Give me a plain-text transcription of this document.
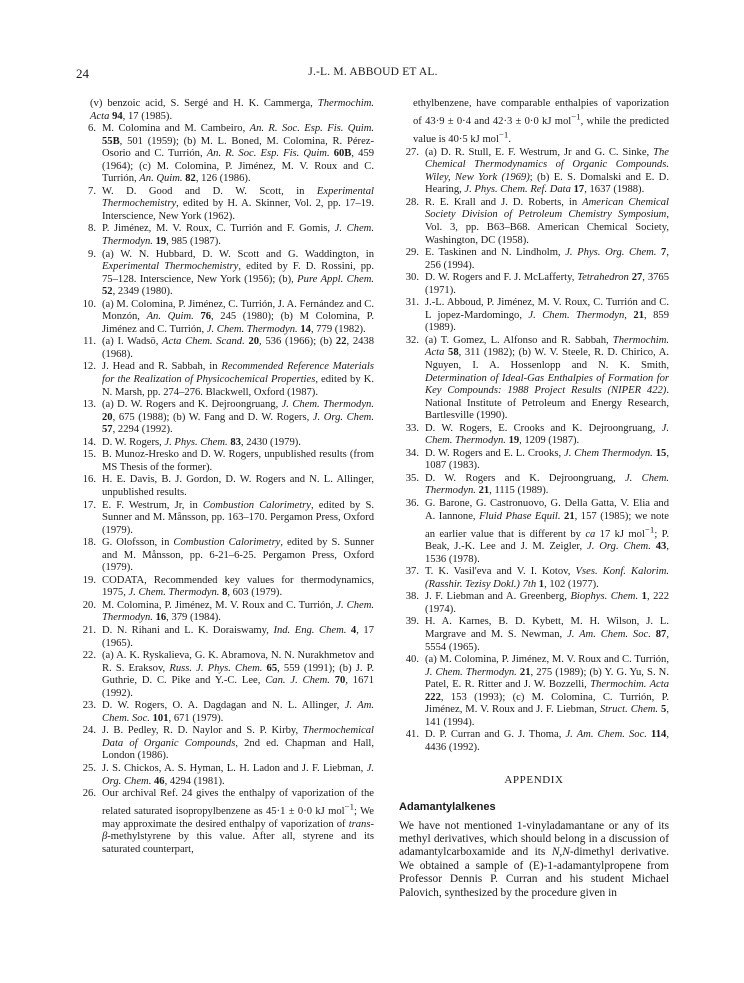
24	J.-L. M. ABBOUD ET AL.

(v) benzoic acid, S. Sergé and H. K. Cammerga, Thermochim. Acta 94, 17 (1985).

6. M. Colomina and M. Cambeiro, An. R. Soc. Esp. Fis. Quim. 55B, 501 (1959); (b) M. L. Boned, M. Colomina, R. Pérez-Osorio and C. Turrión, An. R. Soc. Esp. Fis. Quim. 60B, 459 (1964); (c) M. Colomina, P. Jiménez, M. V. Roux and C. Turrión, An. Quim. 82, 126 (1986).

7. W. D. Good and D. W. Scott, in Experimental Thermochemistry, edited by H. A. Skinner, Vol. 2, pp. 17–19. Interscience, New York (1962).

8. P. Jiménez, M. V. Roux, C. Turrión and F. Gomis, J. Chem. Thermodyn. 19, 985 (1987).

9. (a) W. N. Hubbard, D. W. Scott and G. Waddington, in Experimental Thermochemistry, edited by F. D. Rossini, pp. 75–128. Interscience, New York (1956); (b), Pure Appl. Chem. 52, 2349 (1980).

10. (a) M. Colomina, P. Jiménez, C. Turrión, J. A. Fernández and C. Monzón, An. Quim. 76, 245 (1980); (b) M Colomina, P. Jiménez and C. Turrión, J. Chem. Thermodyn. 14, 779 (1982).

11. (a) I. Wadsö, Acta Chem. Scand. 20, 536 (1966); (b) 22, 2438 (1968).

12. J. Head and R. Sabbah, in Recommended Reference Materials for the Realization of Physicochemical Properties, edited by K. N. Marsh, pp. 274–276. Blackwell, Oxford (1987).

13. (a) D. W. Rogers and K. Dejroongruang, J. Chem. Thermodyn. 20, 675 (1988); (b) W. Fang and D. W. Rogers, J. Org. Chem. 57, 2294 (1992).

14. D. W. Rogers, J. Phys. Chem. 83, 2430 (1979).

15. B. Munoz-Hresko and D. W. Rogers, unpublished results (from MS Thesis of the former).

16. H. E. Davis, B. J. Gordon, D. W. Rogers and N. L. Allinger, unpublished results.

17. E. F. Westrum, Jr, in Combustion Calorimetry, edited by S. Sunner and M. Månsson, pp. 163–170. Pergamon Press, Oxford (1979).

18. G. Olofsson, in Combustion Calorimetry, edited by S. Sunner and M. Månsson, pp. 6-21–6-25. Pergamon Press, Oxford (1979).

19. CODATA, Recommended key values for thermodynamics, 1975, J. Chem. Thermodyn. 8, 603 (1979).

20. M. Colomina, P. Jiménez, M. V. Roux and C. Turrión, J. Chem. Thermodyn. 16, 379 (1984).

21. D. N. Rihani and L. K. Doraiswamy, Ind. Eng. Chem. 4, 17 (1965).

22. (a) A. K. Ryskalieva, G. K. Abramova, N. N. Nurakhmetov and R. S. Eraksov, Russ. J. Phys. Chem. 65, 559 (1991); (b) J. P. Guthrie, D. C. Pike and Y.-C. Lee, Can. J. Chem. 70, 1671 (1992).

23. D. W. Rogers, O. A. Dagdagan and N. L. Allinger, J. Am. Chem. Soc. 101, 671 (1979).

24. J. B. Pedley, R. D. Naylor and S. P. Kirby, Thermochemical Data of Organic Compounds, 2nd ed. Chapman and Hall, London (1986).

25. J. S. Chickos, A. S. Hyman, L. H. Ladon and J. F. Liebman, J. Org. Chem. 46, 4294 (1981).

26. Our archival Ref. 24 gives the enthalpy of vaporization of the related saturated isopropylbenzene as 45·1 ± 0·0 kJ mol$^{-1}$; We may approximate the desired enthalpy of vaporization of trans-β-methylstyrene by this value. After all, styrene and its saturated counterpart,

ethylbenzene, have comparable enthalpies of vaporization of 43·9 ± 0·4 and 42·3 ± 0·0 kJ mol$^{-1}$, while the predicted value is 40·5 kJ mol$^{-1}$.

27. (a) D. R. Stull, E. F. Westrum, Jr and G. C. Sinke, The Chemical Thermodynamics of Organic Compounds. Wiley, New York (1969); (b) E. S. Domalski and E. D. Hearing, J. Phys. Chem. Ref. Data 17, 1637 (1988).

28. R. E. Krall and J. D. Roberts, in American Chemical Society Division of Petroleum Chemistry Symposium, Vol. 3, pp. B63–B68. American Chemical Society, Washington, DC (1958).

29. E. Taskinen and N. Lindholm, J. Phys. Org. Chem. 7, 256 (1994).

30. D. W. Rogers and F. J. McLafferty, Tetrahedron 27, 3765 (1971).

31. J.-L. Abboud, P. Jiménez, M. V. Roux, C. Turrión and C. L jopez-Mardomingo, J. Chem. Thermodyn, 21, 859 (1989).

32. (a) T. Gomez, L. Alfonso and R. Sabbah, Thermochim. Acta 58, 311 (1982); (b) W. V. Steele, R. D. Chirico, A. Nguyen, I. A. Hossenlopp and N. K. Smith, Determination of Ideal-Gas Enthalpies of Formation for Key Compounds: 1988 Project Results (NIPER 422). National Institute of Petroleum and Energy Research, Bartlesville (1990).

33. D. W. Rogers, E. Crooks and K. Dejroongruang, J. Chem. Thermodyn. 19, 1209 (1987).

34. D. W. Rogers and E. L. Crooks, J. Chem Thermodyn. 15, 1087 (1983).

35. D. W. Rogers and K. Dejroongruang, J. Chem. Thermodyn. 21, 1115 (1989).

36. G. Barone, G. Castronuovo, G. Della Gatta, V. Elia and A. Iannone, Fluid Phase Equil. 21, 157 (1985); we note an earlier value that is different by ca 17 kJ mol$^{-1}$; P. Beak, J.-K. Lee and J. M. Zeigler, J. Org. Chem. 43, 1536 (1978).

37. T. K. Vasil'eva and V. I. Kotov, Vses. Konf. Kalorim. (Rasshir. Tezisy Dokl.) 7th 1, 102 (1977).

38. J. F. Liebman and A. Greenberg, Biophys. Chem. 1, 222 (1974).

39. H. A. Karnes, B. D. Kybett, M. H. Wilson, J. L. Margrave and M. S. Newman, J. Am. Chem. Soc. 87, 5554 (1965).

40. (a) M. Colomina, P. Jiménez, M. V. Roux and C. Turrión, J. Chem. Thermodyn. 21, 275 (1989); (b) Y. G. Yu, S. N. Patel, E. R. Ritter and J. W. Bozzelli, Thermochim. Acta 222, 153 (1993); (c) M. Colomina, C. Turrión, P. Jiménez, M. V. Roux and J. F. Liebman, Struct. Chem. 5, 141 (1994).

41. D. P. Curran and G. J. Thoma, J. Am. Chem. Soc. 114, 4436 (1992).

APPENDIX
Adamantylalkenes

We have not mentioned 1-vinyladamantane or any of its methyl derivatives, which should belong in a discussion of adamantylcarboxamide and its N,N-dimethyl derivative. We obtained a sample of (E)-1-adamantylpropene from Professor Dennis P. Curran and his student Michael Palovich, synthesized by the procedure given in
